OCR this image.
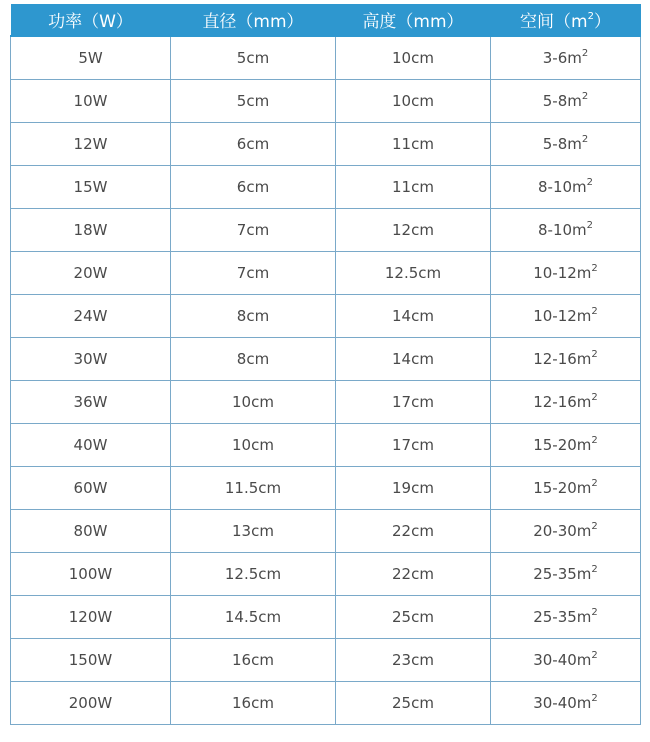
功率（W）	直径（mm）	高度（mm）	空间$(m^2)$
5W	5cm	10cm	$3-6m^2$
10W	5cm	10cm	$5-8m^2$
12W	6cm	11cm	$5-8m^2$
15W	6cm	11cm	$8-10m^2$
18W	7cm	12cm	$8-10m^2$
20W	7cm	12.5cm	$10-12m^2$
24W	8cm	14cm	$10-12m^2$
30W	8cm	14cm	$12-16m^2$
36W	10cm	17cm	$12-16m^2$
40W	10cm	17cm	$15-20m^2$
60W	11.5cm	19cm	$15-20m^2$
80W	13cm	22cm	$20-30m^2$
100W	12.5cm	22cm	$25-35m^2$
120W	14.5cm	25cm	$25-35m^2$
150W	16cm	23cm	$30-40m^2$
200W	16cm	25cm	$30-40m^2$
